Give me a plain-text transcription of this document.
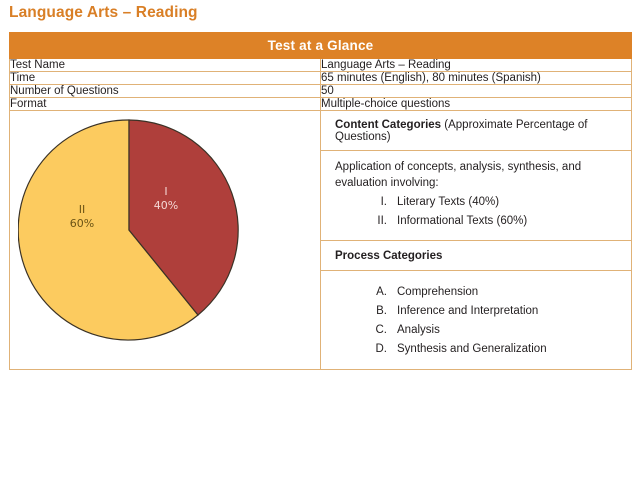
Language Arts – Reading
Test at a Glance	
Test Name	Language Arts – Reading
Time	65 minutes (English), 80 minutes (Spanish)
Number of Questions	50
Format	Multiple-choice questions

I
40%
II
60%

Content Categories (Approximate Percentage of Questions)

Application of concepts, analysis, synthesis, and evaluation involving:

I. Literary Texts (40%)
II. Informational Texts (60%)
Process Categories
A. Comprehension
B. Inference and Interpretation
C. Analysis
D. Synthesis and Generalization
